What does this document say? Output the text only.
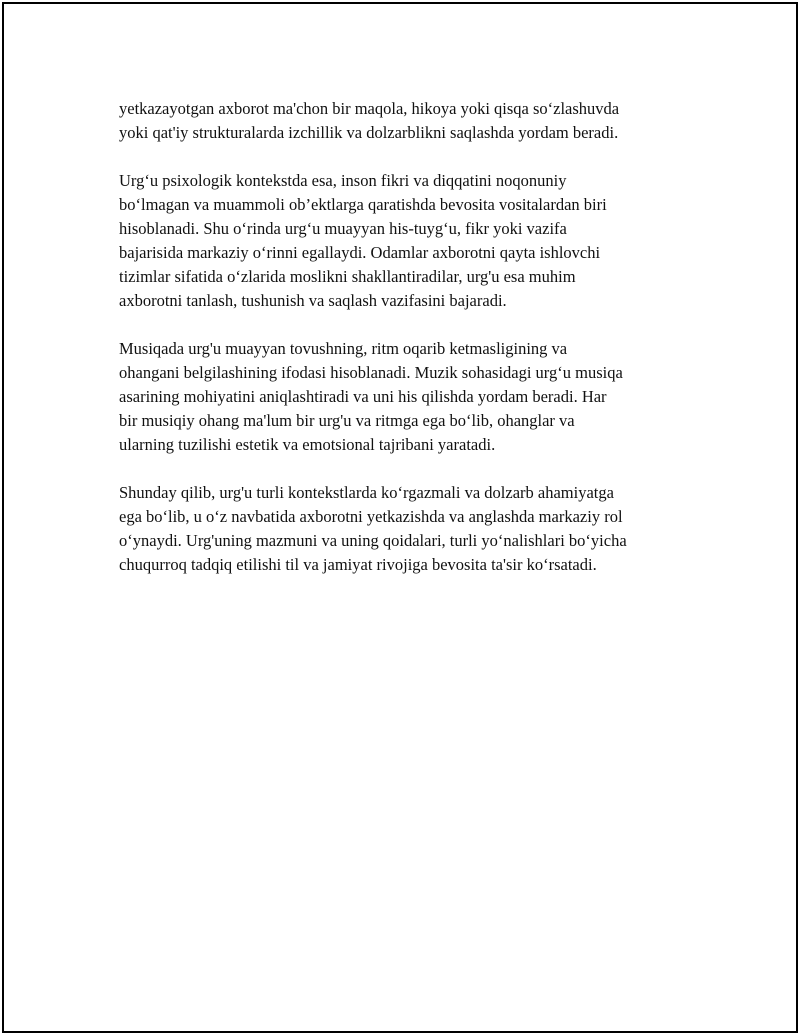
yetkazayotgan axborot ma'chon bir maqola, hikoya yoki qisqa so‘zlashuvda
yoki qat'iy strukturalarda izchillik va dolzarblikni saqlashda yordam beradi.

Urg‘u psixologik kontekstda esa, inson fikri va diqqatini noqonuniy
bo‘lmagan va muammoli ob’ektlarga qaratishda bevosita vositalardan biri
hisoblanadi. Shu o‘rinda urg‘u muayyan his-tuyg‘u, fikr yoki vazifa
bajarisida markaziy o‘rinni egallaydi. Odamlar axborotni qayta ishlovchi
tizimlar sifatida o‘zlarida moslikni shakllantiradilar, urg'u esa muhim
axborotni tanlash, tushunish va saqlash vazifasini bajaradi.

Musiqada urg'u muayyan tovushning, ritm oqarib ketmasligining va
ohangani belgilashining ifodasi hisoblanadi. Muzik sohasidagi urg‘u musiqa
asarining mohiyatini aniqlashtiradi va uni his qilishda yordam beradi. Har
bir musiqiy ohang ma'lum bir urg'u va ritmga ega bo‘lib, ohanglar va
ularning tuzilishi estetik va emotsional tajribani yaratadi.

Shunday qilib, urg'u turli kontekstlarda ko‘rgazmali va dolzarb ahamiyatga
ega bo‘lib, u o‘z navbatida axborotni yetkazishda va anglashda markaziy rol
o‘ynaydi. Urg'uning mazmuni va uning qoidalari, turli yo‘nalishlari bo‘yicha
chuqurroq tadqiq etilishi til va jamiyat rivojiga bevosita ta'sir ko‘rsatadi.
